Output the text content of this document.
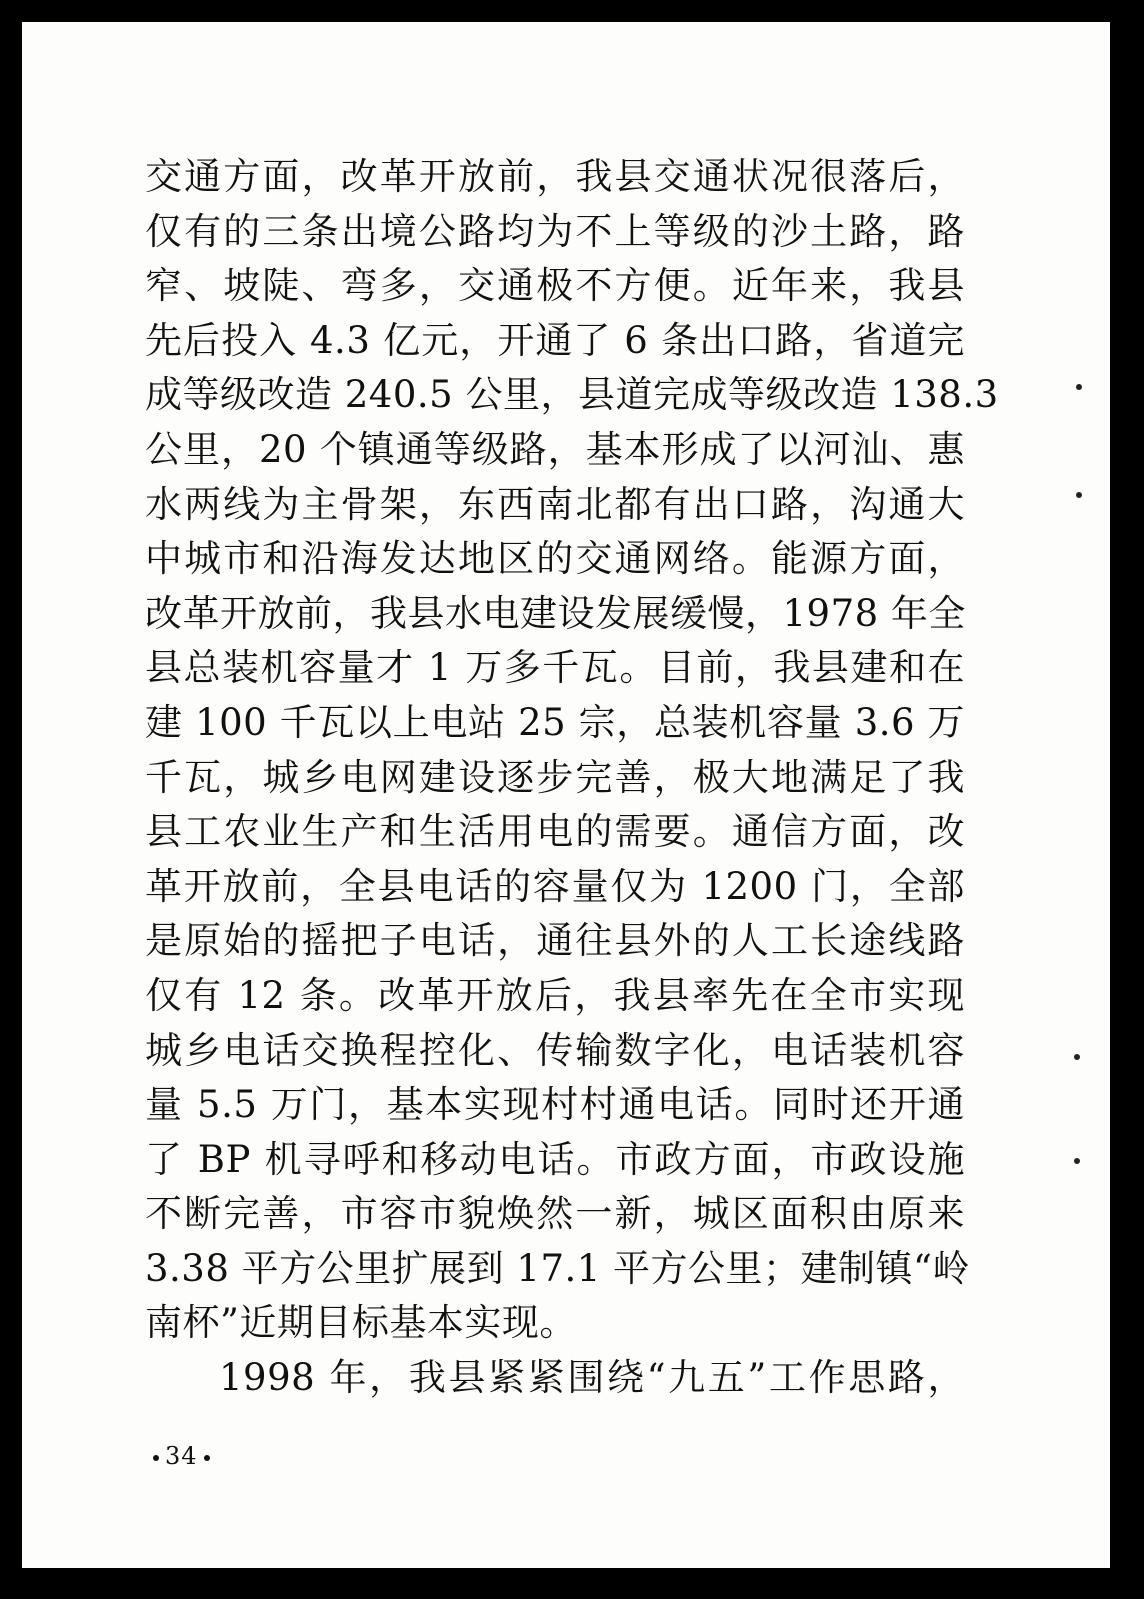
交通方面，改革开放前，我县交通状况很落后，
仅有的三条出境公路均为不上等级的沙土路，路
窄、坡陡、弯多，交通极不方便。近年来，我县
先后投入 4.3 亿元，开通了 6 条出口路，省道完
成等级改造 240.5 公里，县道完成等级改造 138.3
公里，20 个镇通等级路，基本形成了以河汕、惠
水两线为主骨架，东西南北都有出口路，沟通大
中城市和沿海发达地区的交通网络。能源方面，
改革开放前，我县水电建设发展缓慢，1978 年全
县总装机容量才 1 万多千瓦。目前，我县建和在
建 100 千瓦以上电站 25 宗，总装机容量 3.6 万
千瓦，城乡电网建设逐步完善，极大地满足了我
县工农业生产和生活用电的需要。通信方面，改
革开放前，全县电话的容量仅为 1200 门，全部
是原始的摇把子电话，通往县外的人工长途线路
仅有 12 条。改革开放后，我县率先在全市实现
城乡电话交换程控化、传输数字化，电话装机容
量 5.5 万门，基本实现村村通电话。同时还开通
了 BP 机寻呼和移动电话。市政方面，市政设施
不断完善，市容市貌焕然一新，城区面积由原来
3.38 平方公里扩展到 17.1 平方公里；建制镇“岭
南杯”近期目标基本实现。
1998 年，我县紧紧围绕“九五”工作思路，
34
